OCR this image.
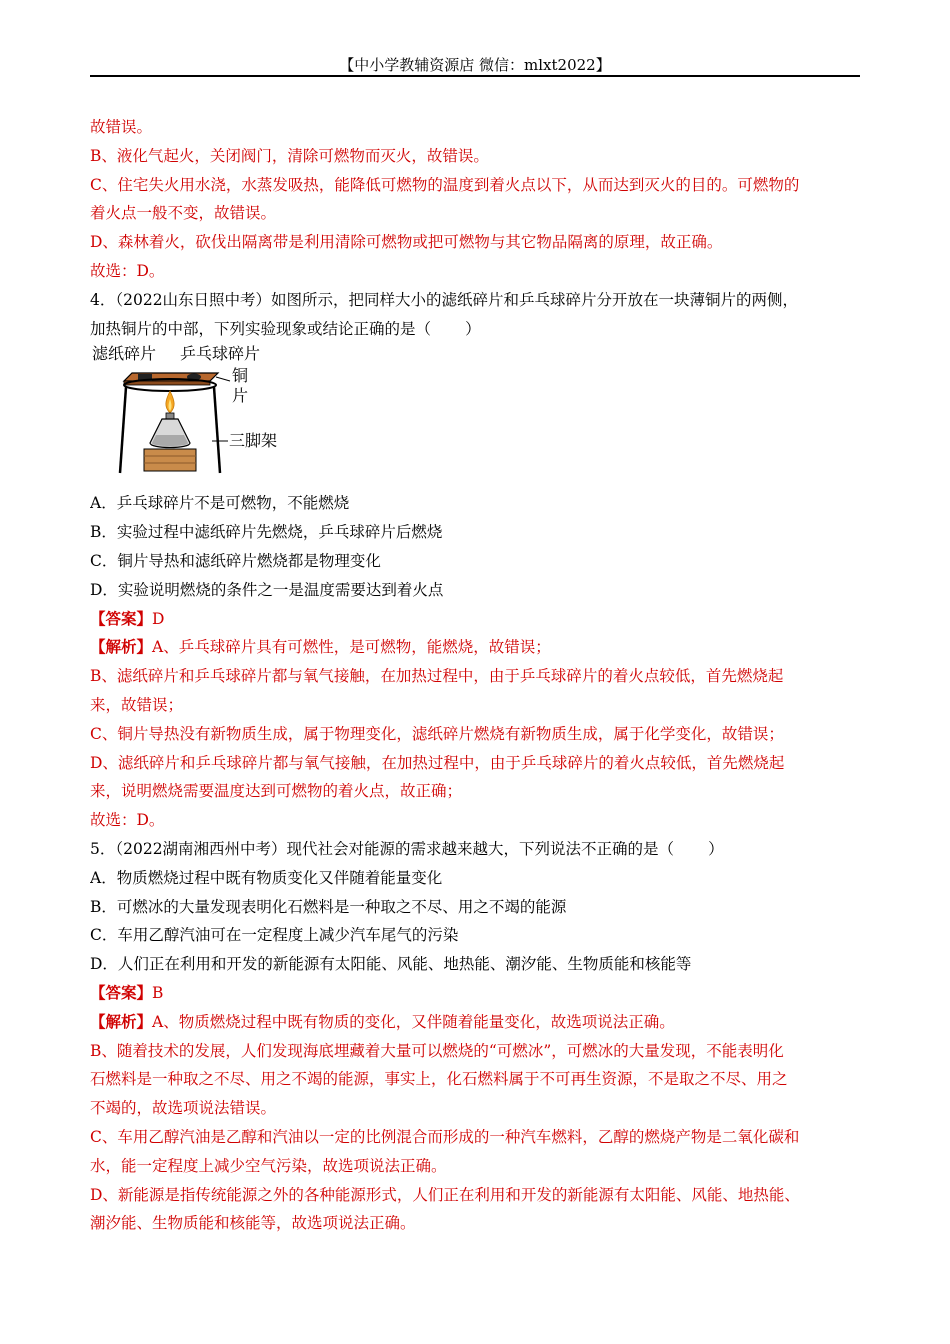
【中小学教辅资源店 微信：mlxt2022】
故错误。
B、液化气起火，关闭阀门，清除可燃物而灭火，故错误。
C、住宅失火用水浇，水蒸发吸热，能降低可燃物的温度到着火点以下，从而达到灭火的目的。可燃物的
着火点一般不变，故错误。
D、森林着火，砍伐出隔离带是利用清除可燃物或把可燃物与其它物品隔离的原理，故正确。
故选：D。
4．（2022山东日照中考）如图所示，把同样大小的滤纸碎片和乒乓球碎片分开放在一块薄铜片的两侧，
加热铜片的中部，下列实验现象或结论正确的是（ ）
滤纸碎片 乒乓球碎片
铜
片
三脚架
A．乒乓球碎片不是可燃物，不能燃烧
B．实验过程中滤纸碎片先燃烧，乒乓球碎片后燃烧
C．铜片导热和滤纸碎片燃烧都是物理变化
D．实验说明燃烧的条件之一是温度需要达到着火点
【答案】D
【解析】A、乒乓球碎片具有可燃性，是可燃物，能燃烧，故错误；
B、滤纸碎片和乒乓球碎片都与氧气接触，在加热过程中，由于乒乓球碎片的着火点较低，首先燃烧起
来，故错误；
C、铜片导热没有新物质生成，属于物理变化，滤纸碎片燃烧有新物质生成，属于化学变化，故错误；
D、滤纸碎片和乒乓球碎片都与氧气接触，在加热过程中，由于乒乓球碎片的着火点较低，首先燃烧起
来，说明燃烧需要温度达到可燃物的着火点，故正确；
故选：D。
5．（2022湖南湘西州中考）现代社会对能源的需求越来越大，下列说法不正确的是（ ）
A．物质燃烧过程中既有物质变化又伴随着能量变化
B．可燃冰的大量发现表明化石燃料是一种取之不尽、用之不竭的能源
C．车用乙醇汽油可在一定程度上减少汽车尾气的污染
D．人们正在利用和开发的新能源有太阳能、风能、地热能、潮汐能、生物质能和核能等
【答案】B
【解析】A、物质燃烧过程中既有物质的变化，又伴随着能量变化，故选项说法正确。
B、随着技术的发展，人们发现海底埋藏着大量可以燃烧的“可燃冰”，可燃冰的大量发现，不能表明化
石燃料是一种取之不尽、用之不竭的能源，事实上，化石燃料属于不可再生资源，不是取之不尽、用之
不竭的，故选项说法错误。
C、车用乙醇汽油是乙醇和汽油以一定的比例混合而形成的一种汽车燃料，乙醇的燃烧产物是二氧化碳和
水，能一定程度上减少空气污染，故选项说法正确。
D、新能源是指传统能源之外的各种能源形式，人们正在利用和开发的新能源有太阳能、风能、地热能、
潮汐能、生物质能和核能等，故选项说法正确。
